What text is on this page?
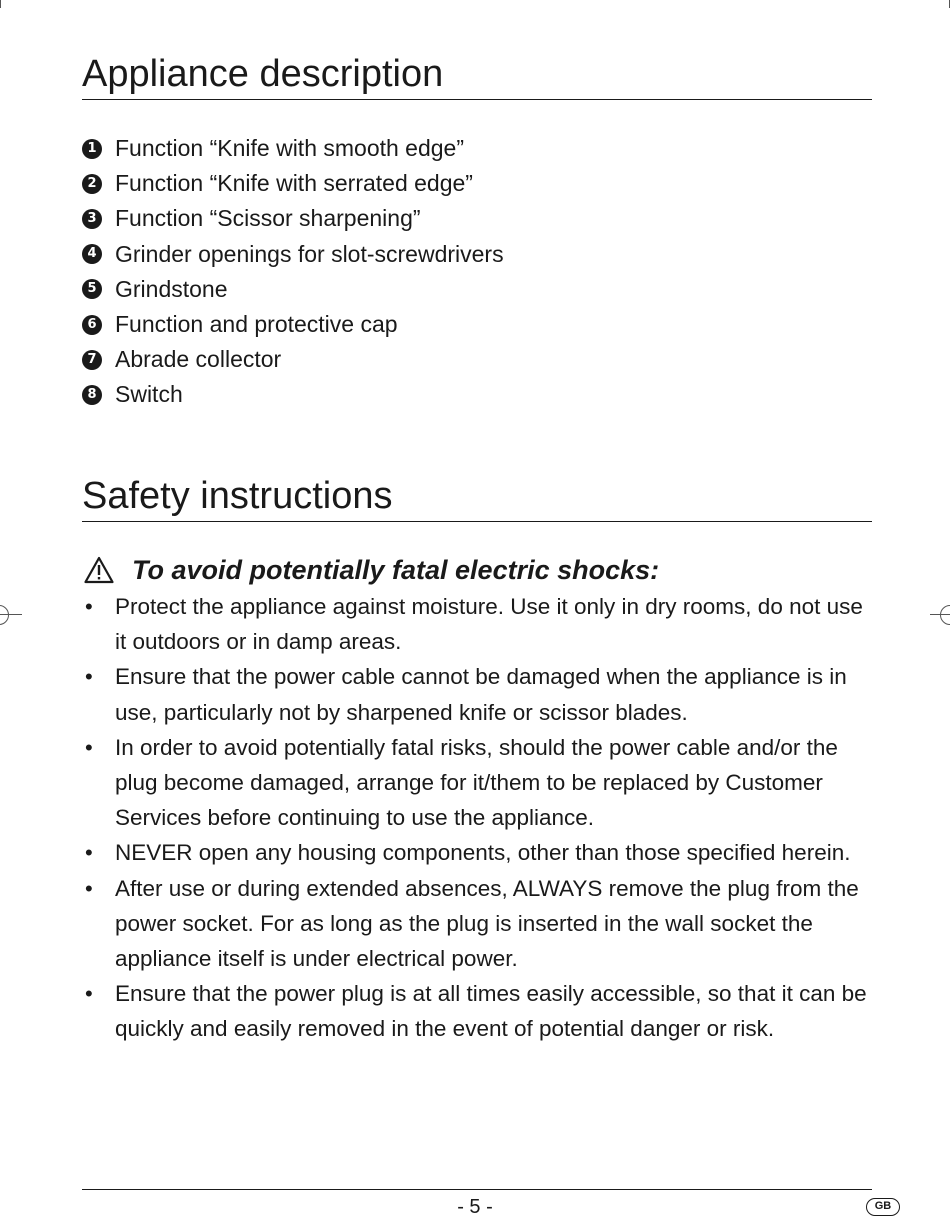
Appliance description
1 Function “Knife with smooth edge”
2 Function “Knife with serrated edge”
3 Function “Scissor sharpening”
4 Grinder openings for slot-screwdrivers
5 Grindstone
6 Function and protective cap
7 Abrade collector
8 Switch
Safety instructions
To avoid potentially fatal electric shocks:
• Protect the appliance against moisture. Use it only in dry rooms, do not use it outdoors or in damp areas.
• Ensure that the power cable cannot be damaged when the appliance is in use, particularly not by sharpened knife or scissor blades.
• In order to avoid potentially fatal risks, should the power cable and/or the plug become damaged, arrange for it/them to be replaced by Customer Services before continuing to use the appliance.
• NEVER open any housing components, other than those specified herein.
• After use or during extended absences, ALWAYS remove the plug from the power socket. For as long as the plug is inserted in the wall socket the appliance itself is under electrical power.
• Ensure that the power plug is at all times easily accessible, so that it can be quickly and easily removed in the event of potential danger or risk.
- 5 -	GB
